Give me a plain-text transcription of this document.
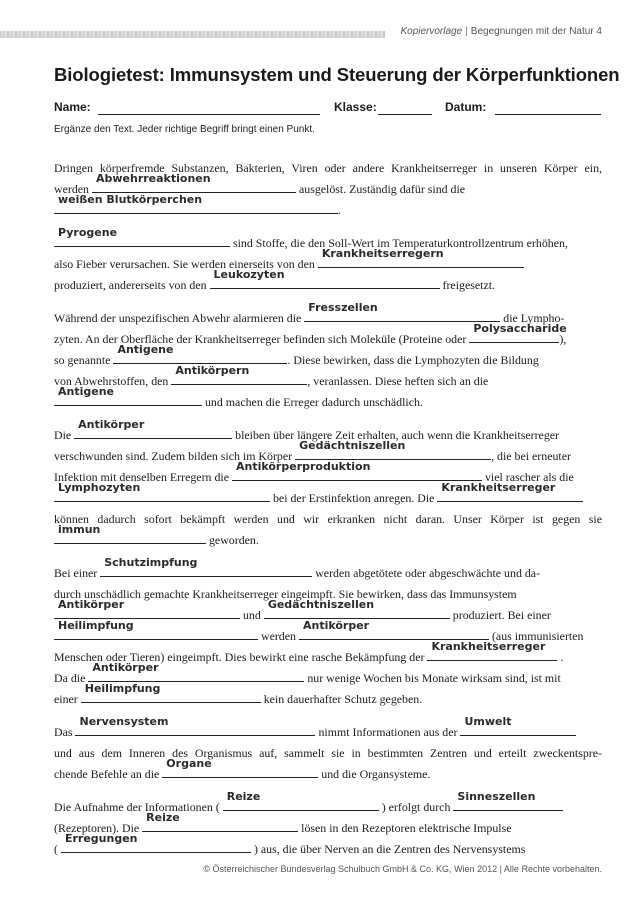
Kopiervorlage | Begegnungen mit der Natur 4
Biologietest: Immunsystem und Steuerung der Körperfunktionen
Name:	Klasse:	Datum:
Ergänze den Text. Jeder richtige Begriff bringt einen Punkt.
Dringen körperfremde Substanzen, Bakterien, Viren oder andere Krankheitserreger in unseren Körper ein,
werden
Abwehrreaktionen
ausgelöst. Zuständig dafür sind die
weißen Blutkörperchen
.
Pyrogene
sind Stoffe, die den Soll-Wert im Temperaturkontrollzentrum erhöhen,
also Fieber verursachen. Sie werden einerseits von den
Krankheitserregern
produziert, andererseits von den
Leukozyten
freigesetzt.
Während der unspezifischen Abwehr alarmieren die
Fresszellen
die Lympho-
zyten. An der Oberfläche der Krankheitserreger befinden sich Moleküle (Proteine oder
Polysaccharide
),
so genannte
Antigene
. Diese bewirken, dass die Lymphozyten die Bildung
von Abwehrstoffen, den
Antikörpern
, veranlassen. Diese heften sich an die
Antigene
und machen die Erreger dadurch unschädlich.
Die
Antikörper
bleiben über längere Zeit erhalten, auch wenn die Krankheitserreger
verschwunden sind. Zudem bilden sich im Körper
Gedächtniszellen
, die bei erneuter
Infektion mit denselben Erregern die
Antikörperproduktion
viel rascher als die
Lymphozyten
bei der Erstinfektion anregen. Die
Krankheitserreger
können dadurch sofort bekämpft werden und wir erkranken nicht daran. Unser Körper ist gegen sie
immun
geworden.
Bei einer
Schutzimpfung
werden abgetötete oder abgeschwächte und da-
durch unschädlich gemachte Krankheitserreger eingeimpft. Sie bewirken, dass das Immunsystem
Antikörper
und
Gedächtniszellen
produziert. Bei einer
Heilimpfung
werden
Antikörper
(aus immunisierten
Menschen oder Tieren) eingeimpft. Dies bewirkt eine rasche Bekämpfung der
Krankheitserreger
.
Da die
Antikörper
nur wenige Wochen bis Monate wirksam sind, ist mit
einer
Heilimpfung
kein dauerhafter Schutz gegeben.
Das
Nervensystem
nimmt Informationen aus der
Umwelt
und aus dem Inneren des Organismus auf, sammelt sie in bestimmten Zentren und erteilt zweckentspre-
chende Befehle an die
Organe
und die Organsysteme.
Die Aufnahme der Informationen (
Reize
) erfolgt durch
Sinneszellen
(Rezeptoren). Die
Reize
lösen in den Rezeptoren elektrische Impulse
(
Erregungen
) aus, die über Nerven an die Zentren des Nervensystems
© Österreichischer Bundesverlag Schulbuch GmbH & Co. KG, Wien 2012 | Alle Rechte vorbehalten.
